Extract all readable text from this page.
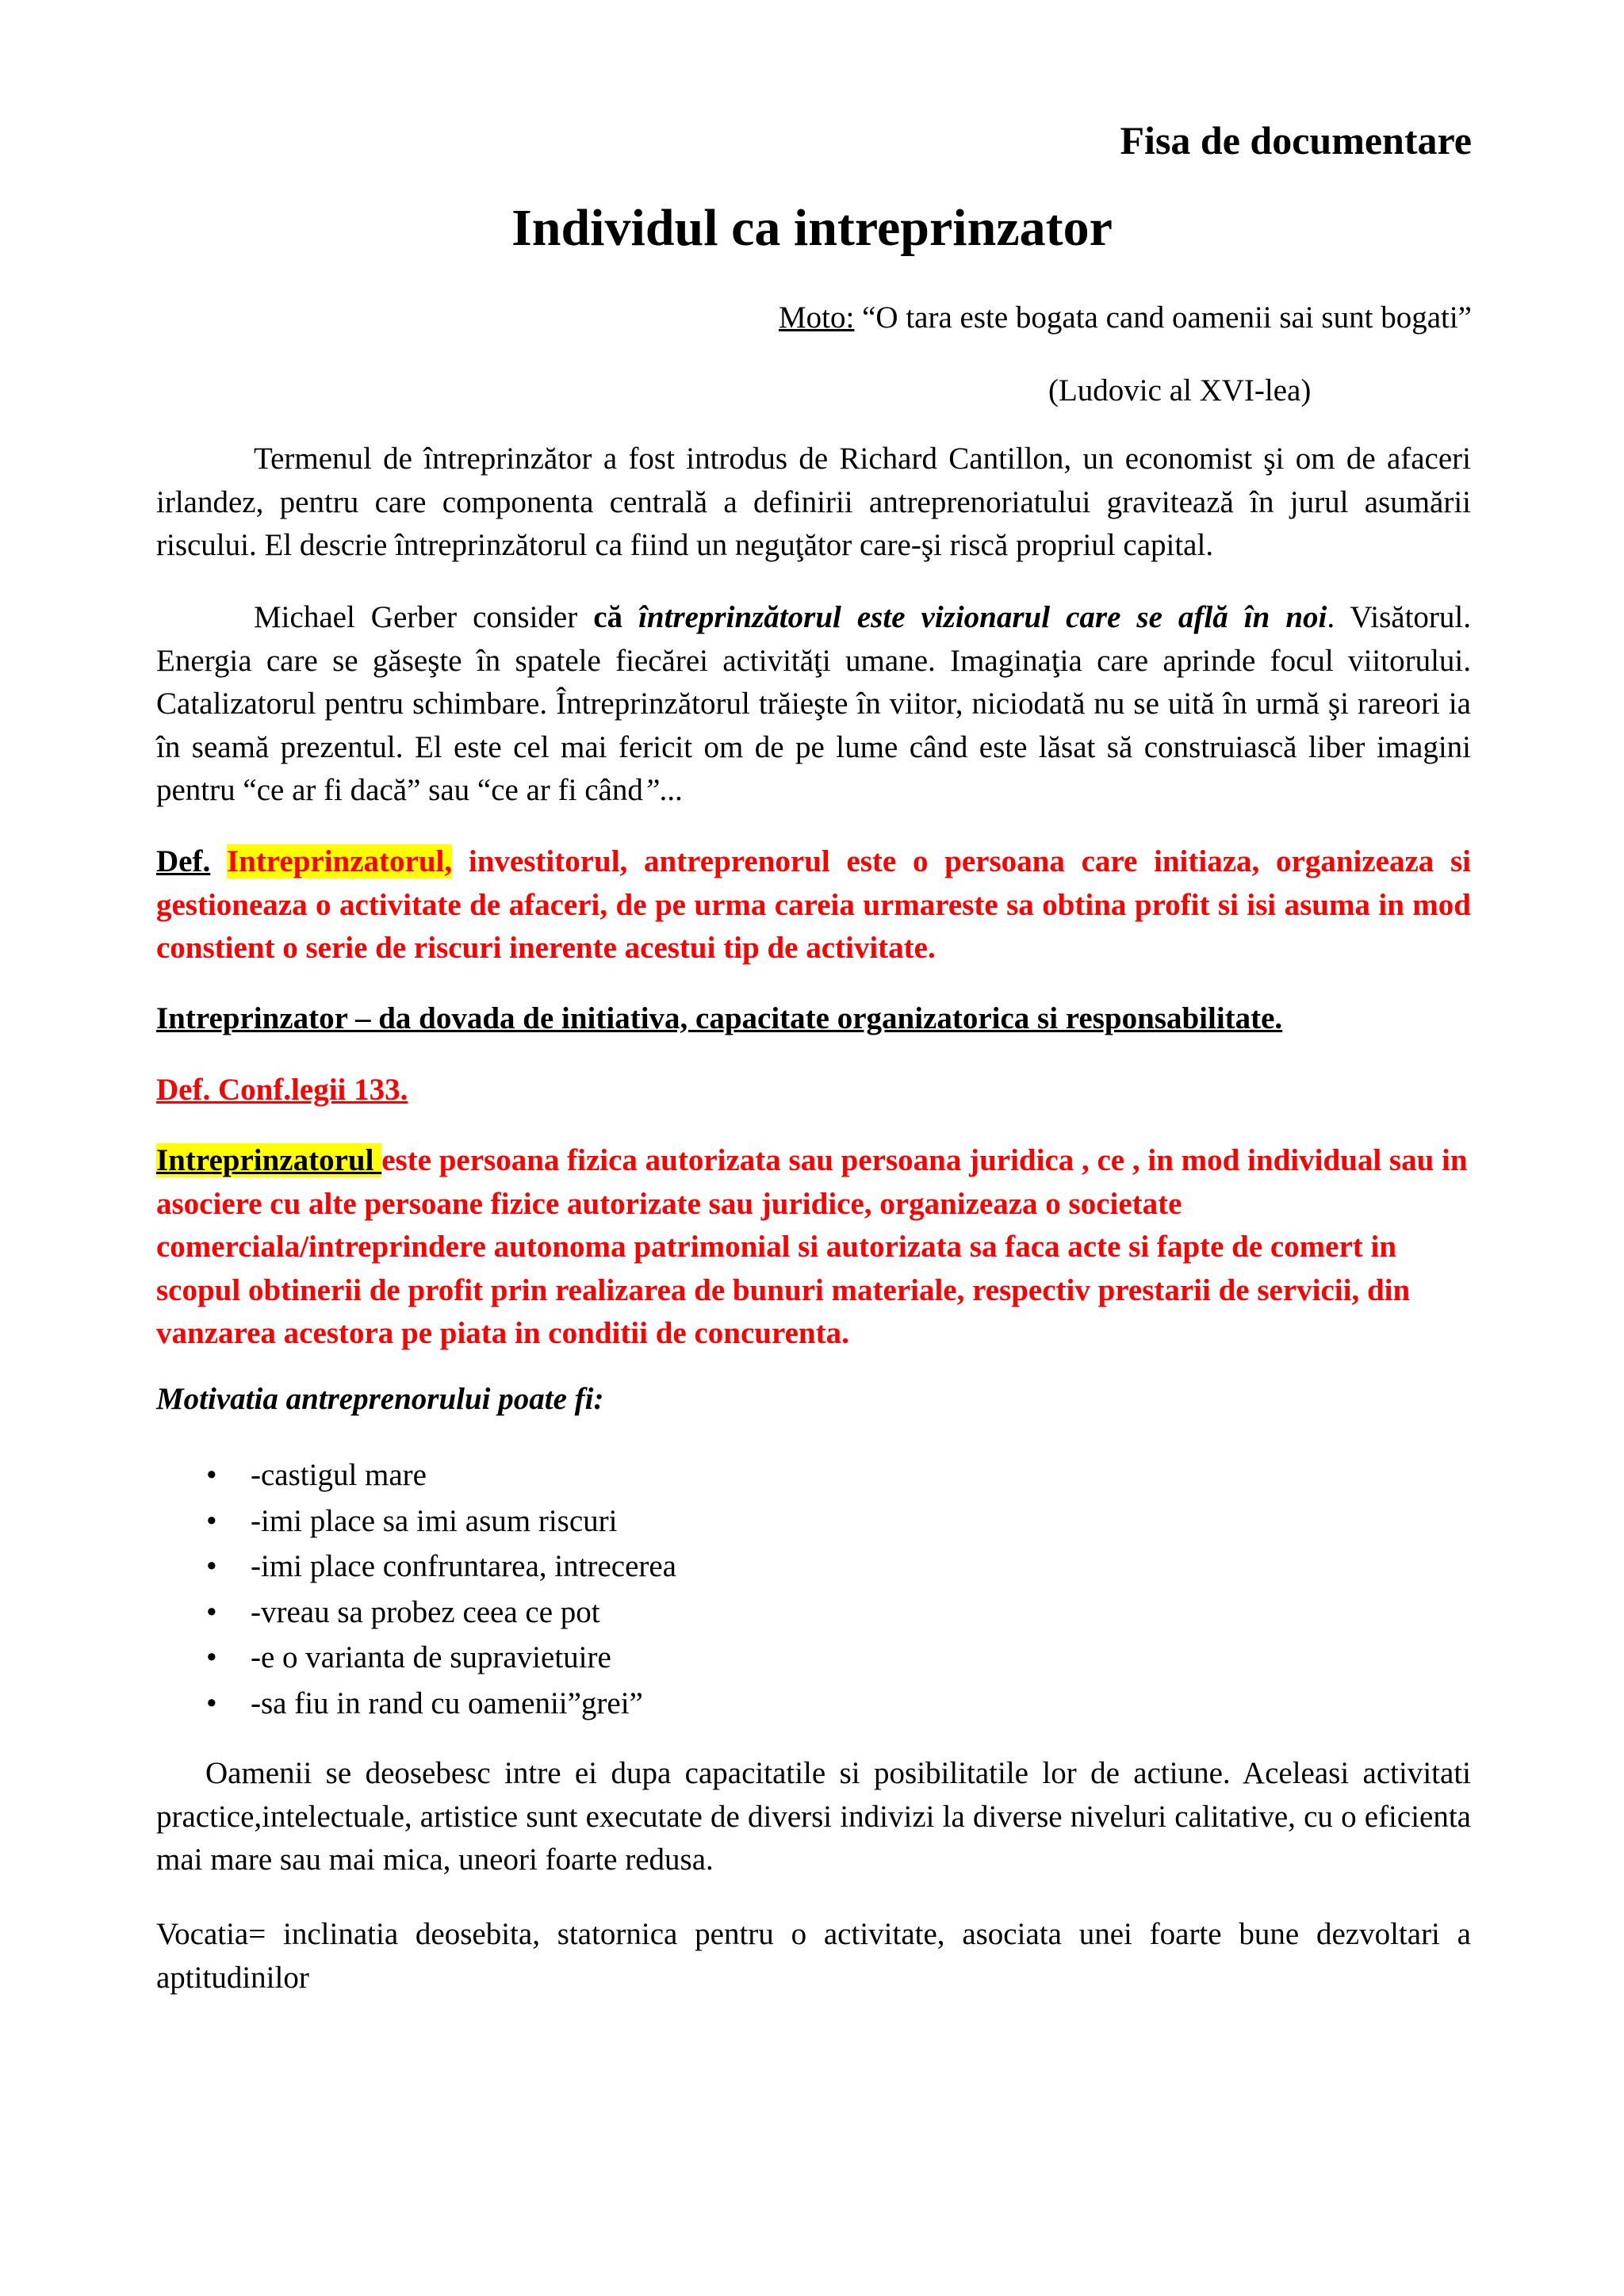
Fisa de documentare
Individul ca intreprinzator
Moto: “O tara este bogata cand oamenii sai sunt bogati”
(Ludovic al XVI-lea)
Termenul de întreprinzător a fost introdus de Richard Cantillon, un economist şi om de afaceri irlandez, pentru care componenta centrală a definirii antreprenoriatului gravitează în jurul asumării riscului. El descrie întreprinzătorul ca fiind un neguţător care-şi riscă propriul capital.
Michael Gerber consider că întreprinzătorul este vizionarul care se află în noi. Visătorul. Energia care se găseşte în spatele fiecărei activităţi umane. Imaginaţia care aprinde focul viitorului. Catalizatorul pentru schimbare. Întreprinzătorul trăieşte în viitor, niciodată nu se uită în urmă şi rareori ia în seamă prezentul. El este cel mai fericit om de pe lume când este lăsat să construiască liber imagini pentru “ce ar fi dacă” sau “ce ar fi când”...
Def. Intreprinzatorul, investitorul, antreprenorul este o persoana care initiaza, organizeaza si gestioneaza o activitate de afaceri, de pe urma careia urmareste sa obtina profit si isi asuma in mod constient o serie de riscuri inerente acestui tip de activitate.
Intreprinzator – da dovada de initiativa, capacitate organizatorica si responsabilitate.
Def. Conf.legii 133.
Intreprinzatorul este persoana fizica autorizata sau persoana juridica , ce , in mod individual sau in asociere cu alte persoane fizice autorizate sau juridice, organizeaza o societate comerciala/intreprindere autonoma patrimonial si autorizata sa faca acte si fapte de comert in scopul obtinerii de profit prin realizarea de bunuri materiale, respectiv prestarii de servicii, din vanzarea acestora pe piata in conditii de concurenta.
Motivatia antreprenorului poate fi:
• -castigul mare
• -imi place sa imi asum riscuri
• -imi place confruntarea, intrecerea
• -vreau sa probez ceea ce pot
• -e o varianta de supravietuire
• -sa fiu in rand cu oamenii”grei”
Oamenii se deosebesc intre ei dupa capacitatile si posibilitatile lor de actiune. Aceleasi activitati practice,intelectuale, artistice sunt executate de diversi indivizi la diverse niveluri calitative, cu o eficienta mai mare sau mai mica, uneori foarte redusa.
Vocatia= inclinatia deosebita, statornica pentru o activitate, asociata unei foarte bune dezvoltari a aptitudinilor
